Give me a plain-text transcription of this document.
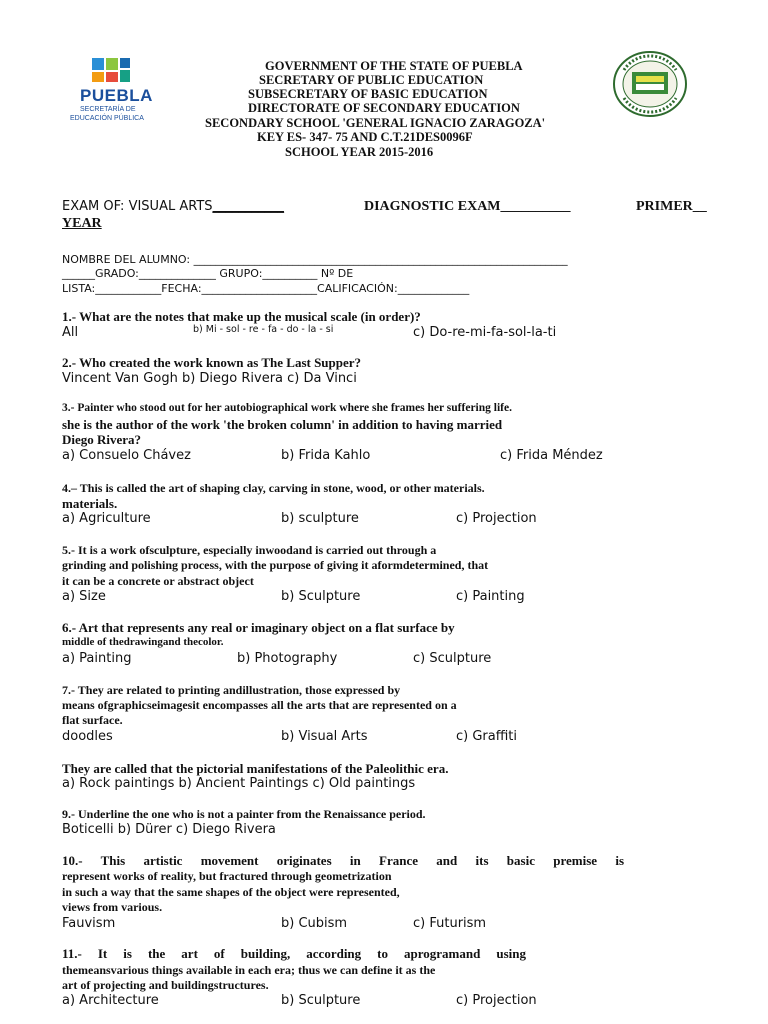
PUEBLA
SECRETARÍA DE
EDUCACIÓN PÚBLICA
GOVERNMENT OF THE STATE OF PUEBLA
SECRETARY OF PUBLIC EDUCATION
SUBSECRETARY OF BASIC EDUCATION
DIRECTORATE OF SECONDARY EDUCATION
SECONDARY SCHOOL 'GENERAL IGNACIO ZARAGOZA'
KEY ES- 347- 75 AND C.T.21DES0096F
SCHOOL YEAR 2015-2016
EXAM OF: VISUAL ARTS___________	DIAGNOSTIC EXAM__________	PRIMER__
YEAR
NOMBRE DEL ALUMNO: ____________________________________________________________________
______GRADO:______________ GRUPO:__________ Nº DE
LISTA:____________FECHA:_____________________CALIFICACIÓN:_____________
1.- What are the notes that make up the musical scale (in order)?
All	b) Mi - sol - re - fa - do - la - si	c) Do-re-mi-fa-sol-la-ti
2.- Who created the work known as The Last Supper?
Vincent Van Gogh b) Diego Rivera c) Da Vinci
3.- Painter who stood out for her autobiographical work where she frames her suffering life.
she is the author of the work 'the broken column' in addition to having married
Diego Rivera?
a) Consuelo Chávez	b) Frida Kahlo	c) Frida Méndez
4.– This is called the art of shaping clay, carving in stone, wood, or other materials.
materials.
a) Agriculture	b) sculpture	c) Projection
5.- It is a work ofsculpture, especially inwoodand is carried out through a
grinding and polishing process, with the purpose of giving it aformdetermined, that
it can be a concrete or abstract object
a) Size	b) Sculpture	c) Painting
6.- Art that represents any real or imaginary object on a flat surface by
middle of thedrawingand thecolor.
a) Painting	b) Photography	c) Sculpture
7.- They are related to printing andillustration, those expressed by
means ofgraphicseimagesit encompasses all the arts that are represented on a
flat surface.
doodles	b) Visual Arts	c) Graffiti
They are called that the pictorial manifestations of the Paleolithic era.
a) Rock paintings b) Ancient Paintings c) Old paintings
9.- Underline the one who is not a painter from the Renaissance period.
Boticelli b) Dürer c) Diego Rivera
10.- This artistic movement originates in France and its basic premise is
represent works of reality, but fractured through geometrization
in such a way that the same shapes of the object were represented,
views from various.
Fauvism	b) Cubism	c) Futurism
11.- It is the art of building, according to aprogramand using
themeansvarious things available in each era; thus we can define it as the
art of projecting and buildingstructures.
a) Architecture	b) Sculpture	c) Projection
